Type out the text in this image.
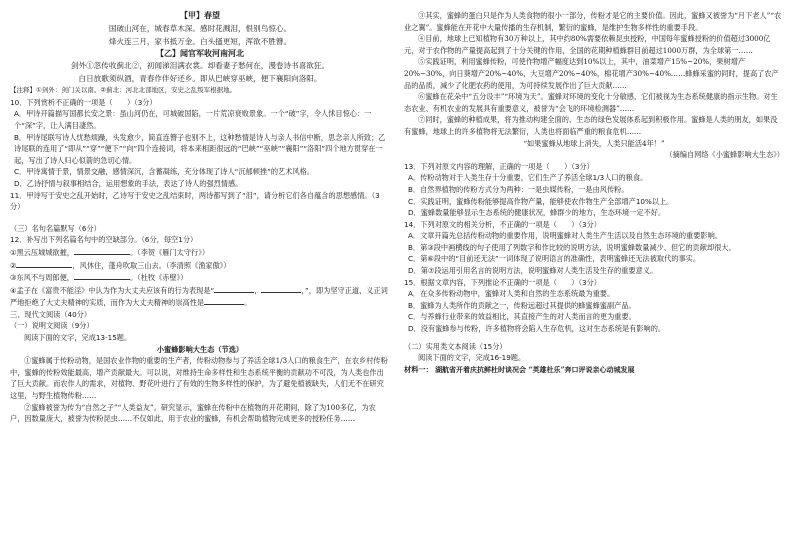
【甲】春望

国破山河在，城春草木深。感时花溅泪，恨别鸟惊心。

烽火连三月，家书抵万金。白头搔更短，浑欲不胜簪。

【乙】闻官军收河南河北

剑外①忽传收蓟北②，初闻涕泪满衣裳。却看妻子愁何在，漫卷诗书喜欲狂。

白日放歌须纵酒，青春作伴好还乡。即从巴峡穿巫峡，便下襄阳向洛阳。

【注释】①剑外：剑门关以南。②蓟北：河北北部地区，安史之乱叛军根据地。

10．下列赏析不正确的一项是（　　）（3分）

A．甲诗开篇描写国都长安之景：虽山河仍在，可城破国陷，一片荒凉衰败景象。一个“破”字，令人怵目惊心：一个“深”字，让人满目凄然。

B．甲诗尾联写诗人忧愁烦躁，头发愈少，简直连簪子也别不上，这种愁情是诗人与亲人书信中断，思念亲人所致；乙诗尾联的连用了“即从”“穿”“便下”“向”四个连接词，将本来相距很远的“巴峡”“巫峡”“襄阳”“洛阳”四个地方贯穿在一起，写出了诗人归心似箭的急切心情。

C．甲诗寓情于景，情景交融，感情深沉，含蓄凝练，充分体现了诗人“沉郁顿挫”的艺术风格。

D．乙诗抒情与叙事相结合，运用想象的手法，表达了诗人的强烈情感。

11．甲诗写于安史之乱开始时，乙诗写于安史之乱结束时，两诗都写到了“泪”，请分析它们各自蕴含的思想感情。（3分）

（三）名句名篇默写（6分）

12．补写出下列名篇名句中的空缺部分。（6分，每空1分）

①黑云压城城欲摧，	。（李贺《雁门太守行》）

②	，风休住，蓬舟吹取三山去。（李清照《渔家傲》）

③东风不与周郎便，	。（杜牧《赤壁》）

④孟子在《富贵不能淫》中认为作为大丈夫应该有的行为表现是“	，	，”，即为坚守正道，义正词严地拒绝了大丈夫精神的实质，而作为大丈夫精神的崇高性是	。

三、现代文阅读（40分）

（一）说明文阅读（9分）

阅读下面的文字，完成13-15题。

小蜜蜂影响大生态（节选）

①蜜蜂属于传粉动物，是国农业作物的重要的生产者，传粉动物参与了养活全球1/3人口的粮食生产，在农乡村传粉中，蜜蜂的传粉效能最高，增产贡献最大。可以说，对维持生命多样性和生态系统平衡的贡献功不可没，为人类也作出了巨大贡献。而农作人的需求，对植物、野花叶进行了有效的生物多样性的保护，为了避免植被缺失，人们无不在研究这里，与野生植物传粉……

②蜜蜂被誉为传为“自然之子”“人类益友”。研究显示，蜜蜂在传粉中在植物的开花期间，除了为100多亿，为农户，因数量庞大，被誉为传粉昆虫……不仅如此，用于农业的蜜蜂，有机会帮助植物完成更多的授粉任务……

③其实，蜜蜂的蛋白只是作为人类食物的很小一部分，传粉才是它的主要价值。因此，蜜蜂又被誉为“月下老人”“农业之翼”。蜜蜂能在开花中大量传播的生存机制，繁衍的蜜蜂，是维护生物多样性的重要手段。

④目前，地球上已知植物有30万种以上，其中约80%需要依赖昆虫授粉，中国每年蜜蜂授粉的价值超过3000亿元，对于农作物的产量提高起到了十分关键的作用，全国的花期种植蜂群目前超过1000万群，为全球第一……

⑤实践证明，利用蜜蜂传粉，可使作物增产幅度达到10%以上，其中，油菜增产15%~20%，果树增产20%~30%，向日葵增产20%~40%，大豆增产20%~40%，棉花增产30%~40%……蜂蜂采蜜的同时，提高了农产品的品质，减少了化肥农药的使用，为可持续发展作出了巨大贡献……

⑥蜜蜂在花朵中“五分设丰”“环境为天”。蜜蜂对环境的变化十分敏感，它们被视为生态系统健康的指示生物。对生态农业、有机农业的发展具有重要意义，被誉为“会飞的环境检测器”……

⑦同时，蜜蜂的种植成果，将为推动构建全面的、生态的绿色发展体系起到积极作用。蜜蜂是人类的朋友，如果没有蜜蜂，地球上的许多植物将无法繁衍，人类也将面临严重的粮食危机……

“如果蜜蜂从地球上消失，人类只能活4年！”

（摘编自网络《小蜜蜂影响大生态》）

13．下列对原文内容的理解，正确的一项是（　　）（3分）

A．传粉动物对于人类生存十分重要，它们生产了养活全球1/3人口的粮食。

B．自然界植物的传粉方式分为两种：一是虫媒传粉，一是由风传粉。

C．实践证明，蜜蜂传粉能够提高作物产量，能够使农作物生产全部增产10%以上。

D．蜜蜂数量能够显示生态系统的健康状况，蜂群少的地方，生态环境一定不好。

14．下列对原文的相关分析，不正确的一项是（　　）（3分）

A．文章开篇先总括传粉动物的重要作用，说明蜜蜂对人类生产生活以及自然生态环境的重要影响。

B．第③段中画横线的句子使用了列数字和作比较的说明方法，说明蜜蜂数量减少、但它的贡献却很大。

C．第⑥段中的“目前还无法”一词体现了说明语言的准确性，表明蜜蜂还无法被取代的事实。

D．第⑦段运用引用名言的说明方法，说明蜜蜂对人类生活及生存的重要意义。

15．根据文章内容，下列推论不正确的一项是（　　）（3分）

A．在众多传粉动物中，蜜蜂对人类和自然的生态系统最为重要。

B．蜜蜂为人类所作的贡献之一，传粉远超过其提供的蜂蜜蜂蜜副产品。

C．与养蜂行业带来的效益相比，其直接产生的对人类而言的更为重要。

D．没有蜜蜂参与传粉，许多植物将会陷入生存危机，这对生态系统是有影响的。

（二）实用类文本阅读（15分）

阅读下面的文字，完成16-19题。

材料一： 湖航省开着庆抗鲜杜时谈况会 “英雄杜乐”奔口评说亲心动城发展
